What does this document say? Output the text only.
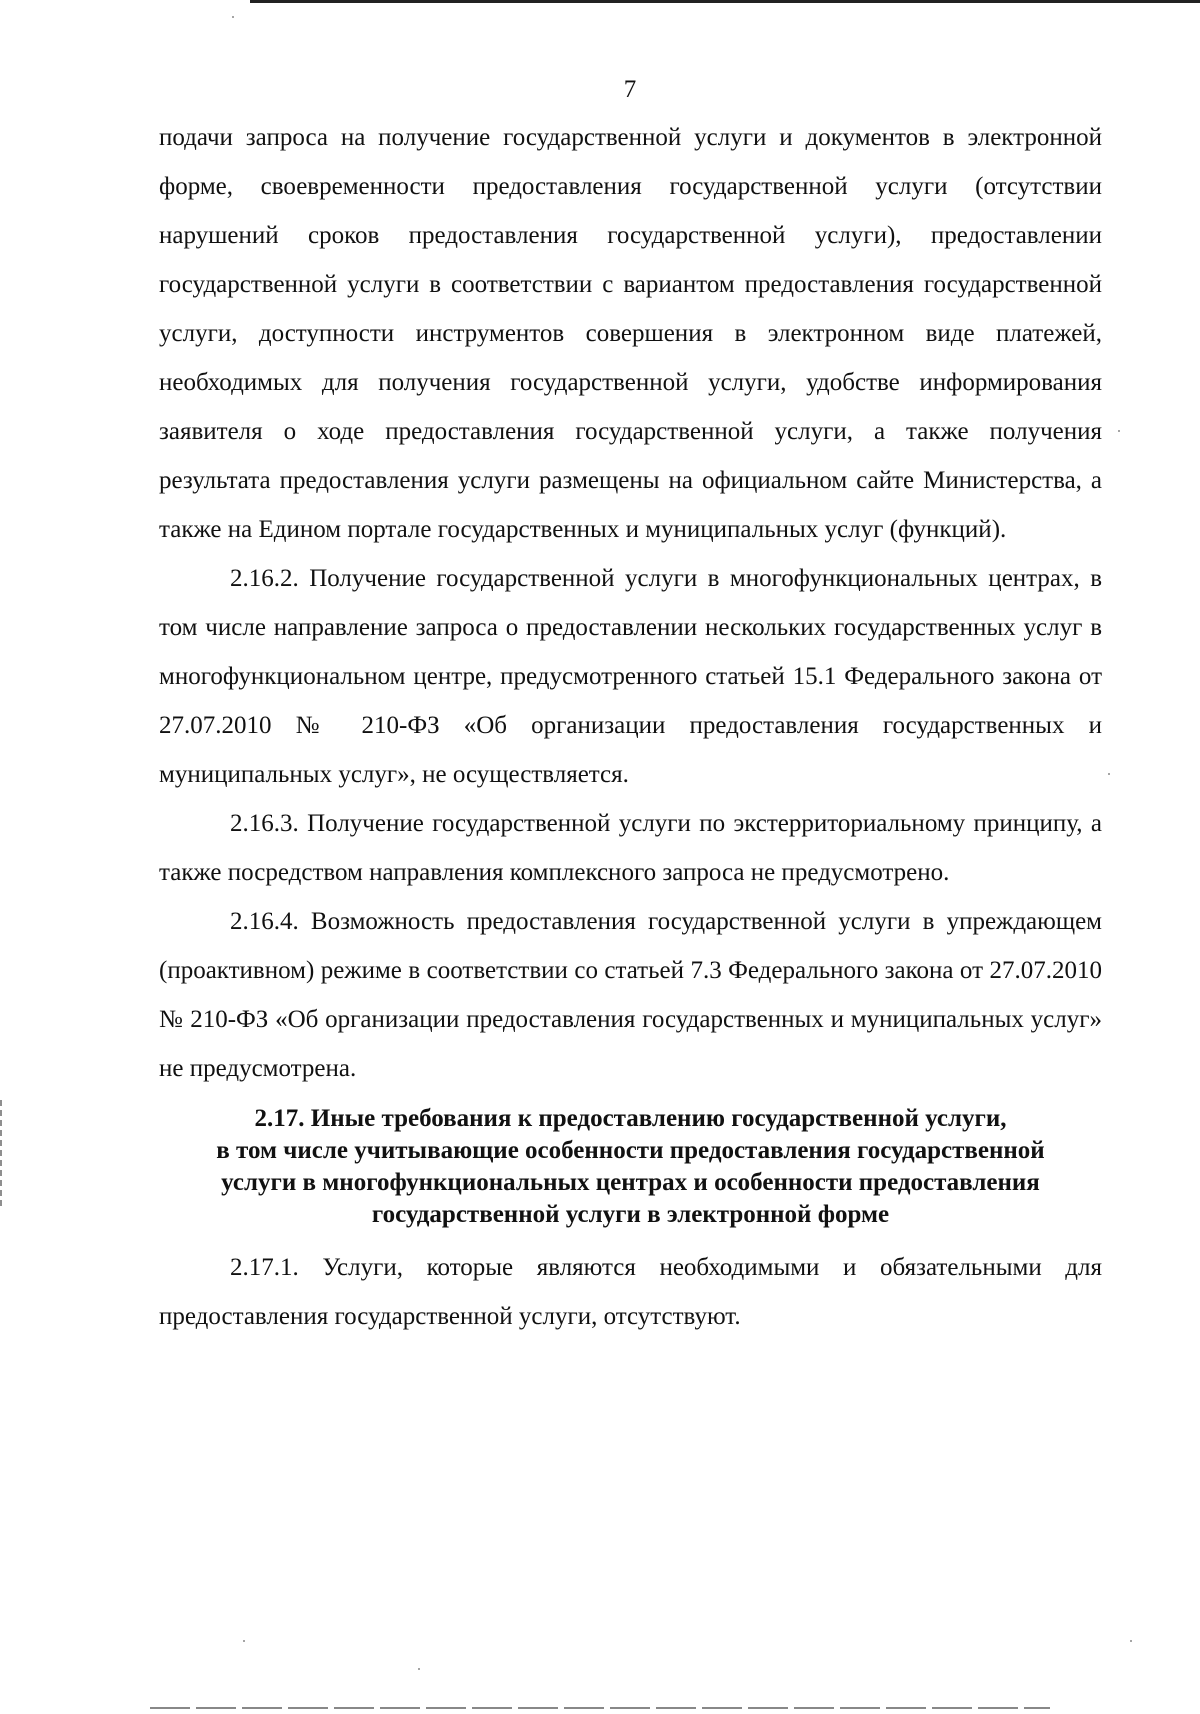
7

подачи запроса на получение государственной услуги и документов в электронной форме, своевременности предоставления государственной услуги (отсутствии нарушений сроков предоставления государственной услуги), предоставлении государственной услуги в соответствии с вариантом предоставления государственной услуги, доступности инструментов совершения в электронном виде платежей, необходимых для получения государственной услуги, удобстве информирования заявителя о ходе предоставления государственной услуги, а также получения результата предоставления услуги размещены на официальном сайте Министерства, а также на Едином портале государственных и муниципальных услуг (функций).

2.16.2. Получение государственной услуги в многофункциональных центрах, в том числе направление запроса о предоставлении нескольких государственных услуг в многофункциональном центре, предусмотренного статьей 15.1 Федерального закона от 27.07.2010 № 210-ФЗ «Об организации предоставления государственных и муниципальных услуг», не осуществляется.

2.16.3. Получение государственной услуги по экстерриториальному принципу, а также посредством направления комплексного запроса не предусмотрено.

2.16.4. Возможность предоставления государственной услуги в упреждающем (проактивном) режиме в соответствии со статьей 7.3 Федерального закона от 27.07.2010 № 210-ФЗ «Об организации предоставления государственных и муниципальных услуг» не предусмотрена.

2.17. Иные требования к предоставлению государственной услуги,
в том числе учитывающие особенности предоставления государственной
услуги в многофункциональных центрах и особенности предоставления
государственной услуги в электронной форме

2.17.1. Услуги, которые являются необходимыми и обязательными для предоставления государственной услуги, отсутствуют.
